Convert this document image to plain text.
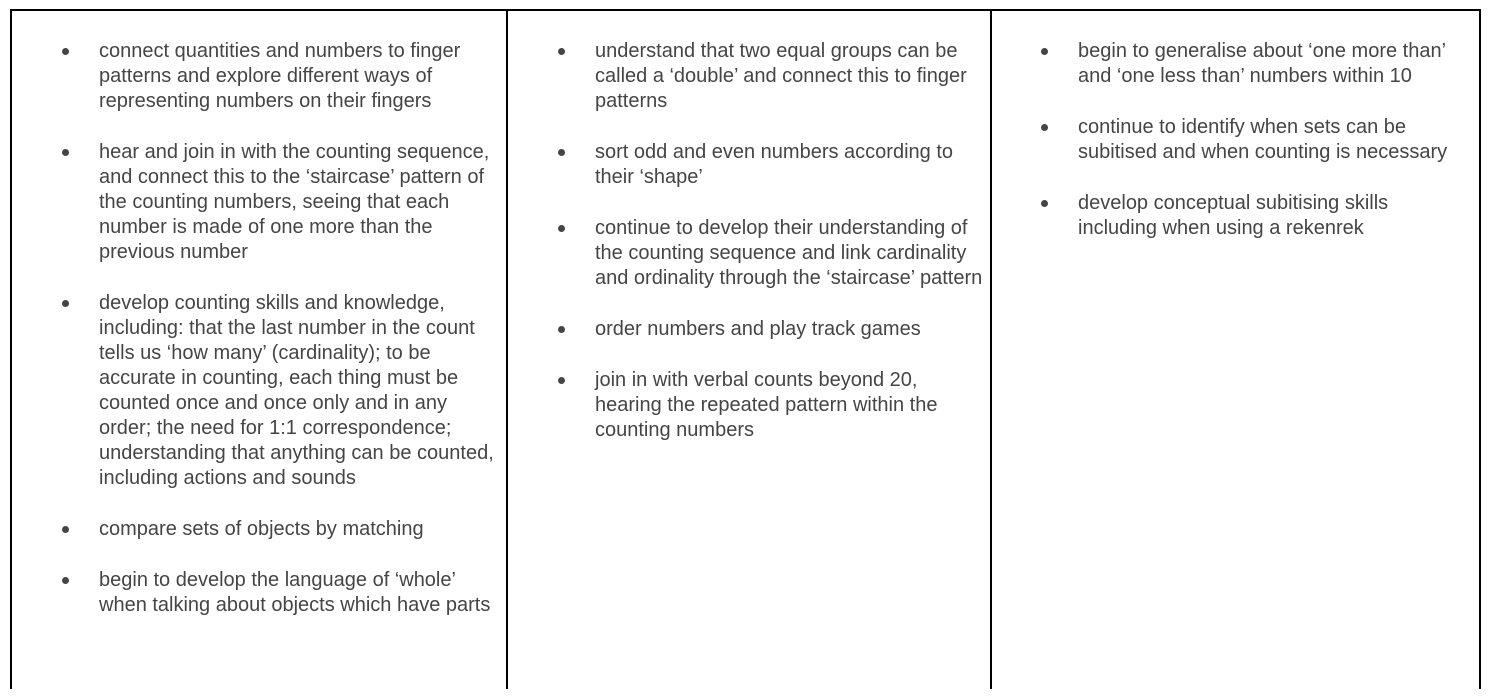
connect quantities and numbers to finger patterns and explore different ways of representing numbers on their fingers
hear and join in with the counting sequence, and connect this to the ‘staircase’ pattern of the counting numbers, seeing that each number is made of one more than the previous number
develop counting skills and knowledge, including: that the last number in the count tells us ‘how many’ (cardinality); to be accurate in counting, each thing must be counted once and once only and in any order; the need for 1:1 correspondence; understanding that anything can be counted, including actions and sounds
compare sets of objects by matching
begin to develop the language of ‘whole’ when talking about objects which have parts
understand that two equal groups can be called a ‘double’ and connect this to finger patterns
sort odd and even numbers according to their ‘shape’
continue to develop their understanding of the counting sequence and link cardinality and ordinality through the ‘staircase’ pattern
order numbers and play track games
join in with verbal counts beyond 20, hearing the repeated pattern within the counting numbers
begin to generalise about ‘one more than’ and ‘one less than’ numbers within 10
continue to identify when sets can be subitised and when counting is necessary
develop conceptual subitising skills including when using a rekenrek
